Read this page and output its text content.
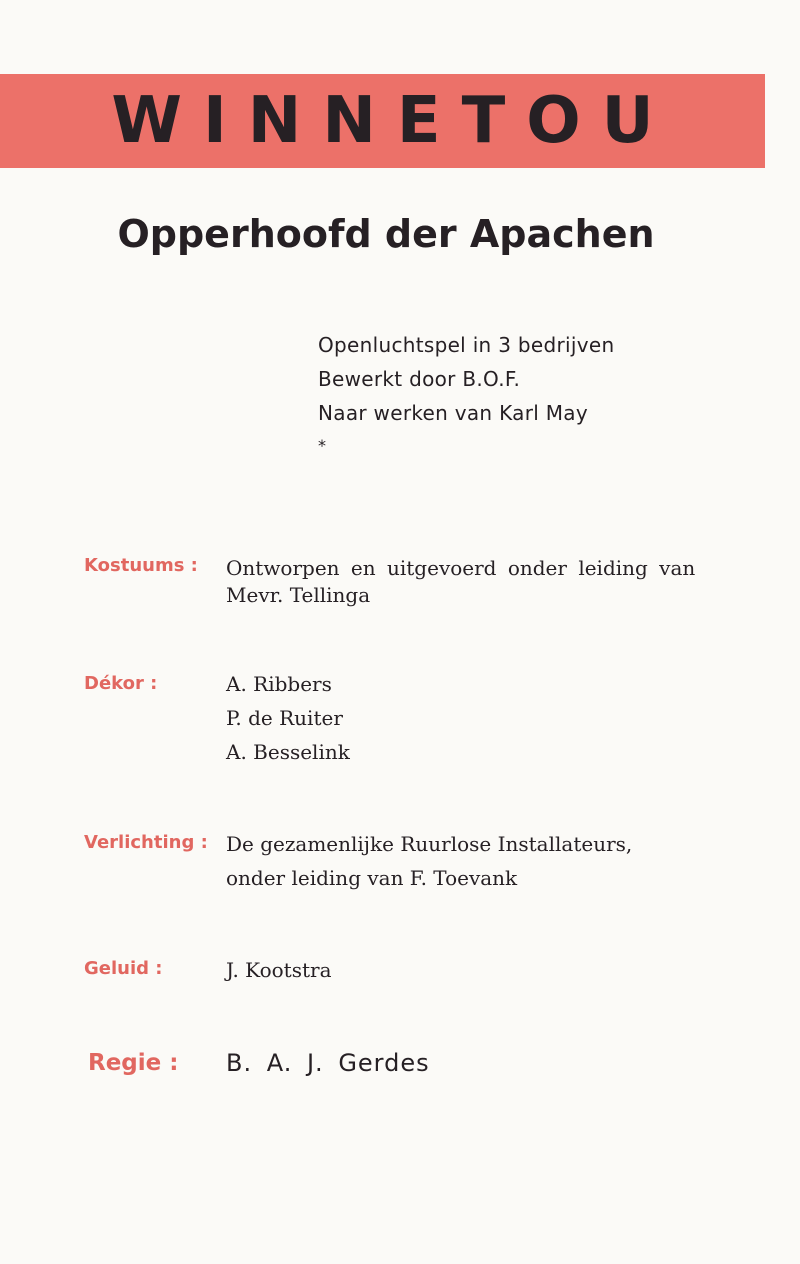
WINNETOU
Opperhoofd der Apachen
Openluchtspel in 3 bedrijven
Bewerkt door B.O.F.
Naar werken van Karl May
*
Kostuums : Ontworpen en uitgevoerd onder leiding van
Mevr. Tellinga
Dékor :	A. Ribbers
P. de Ruiter
A. Besselink
Verlichting : De gezamenlijke Ruurlose Installateurs,
onder leiding van F. Toevank
Geluid :	J. Kootstra
Regie : B. A. J. Gerdes
